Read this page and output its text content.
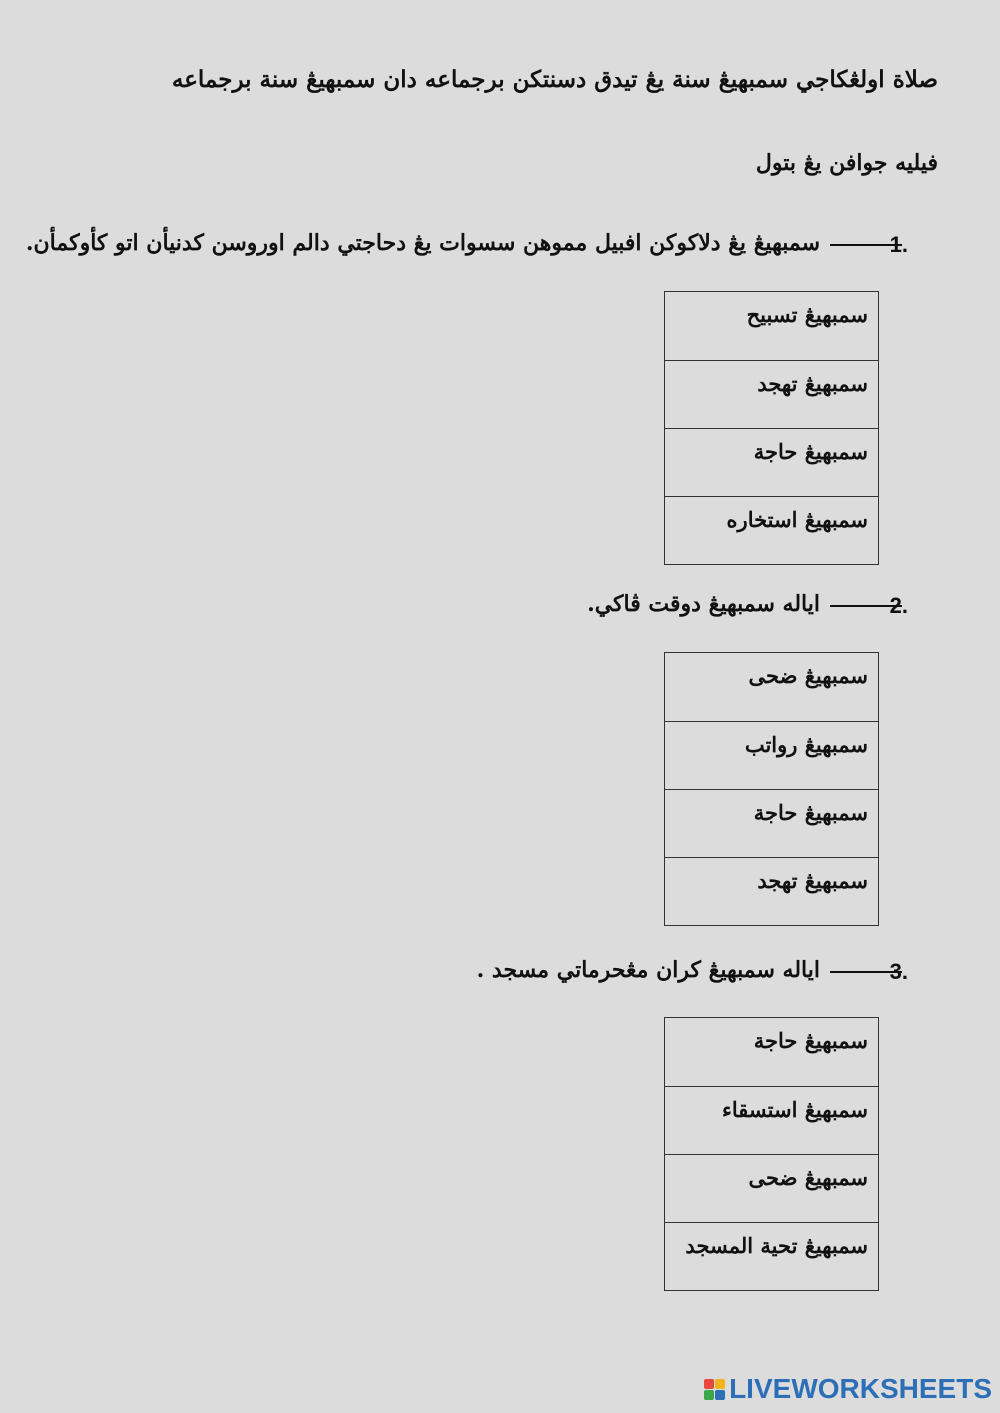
صلاة اولڠكاجي سمبهيڠ سنة يڠ تيدق دسنتكن برجماعه دان سمبهيڠ سنة برجماعه
فيليه جوافن يڠ بتول
1.
سمبهيڠ يڠ دلاكوكن افبيل مموهن سسوات يڠ دحاجتي دالم اوروسن كدنيأن اتو كأوكمأن.
سمبهيڠ تسبيح
سمبهيڠ تهجد
سمبهيڠ حاجة
سمبهيڠ استخاره
2.
اياله سمبهيڠ دوقت ڤاكي.
سمبهيڠ ضحى
سمبهيڠ رواتب
سمبهيڠ حاجة
سمبهيڠ تهجد
3.
اياله سمبهيڠ كران مڠحرماتي مسجد .
سمبهيڠ حاجة
سمبهيڠ استسقاء
سمبهيڠ ضحى
سمبهيڠ تحية المسجد
LIVEWORKSHEETS
